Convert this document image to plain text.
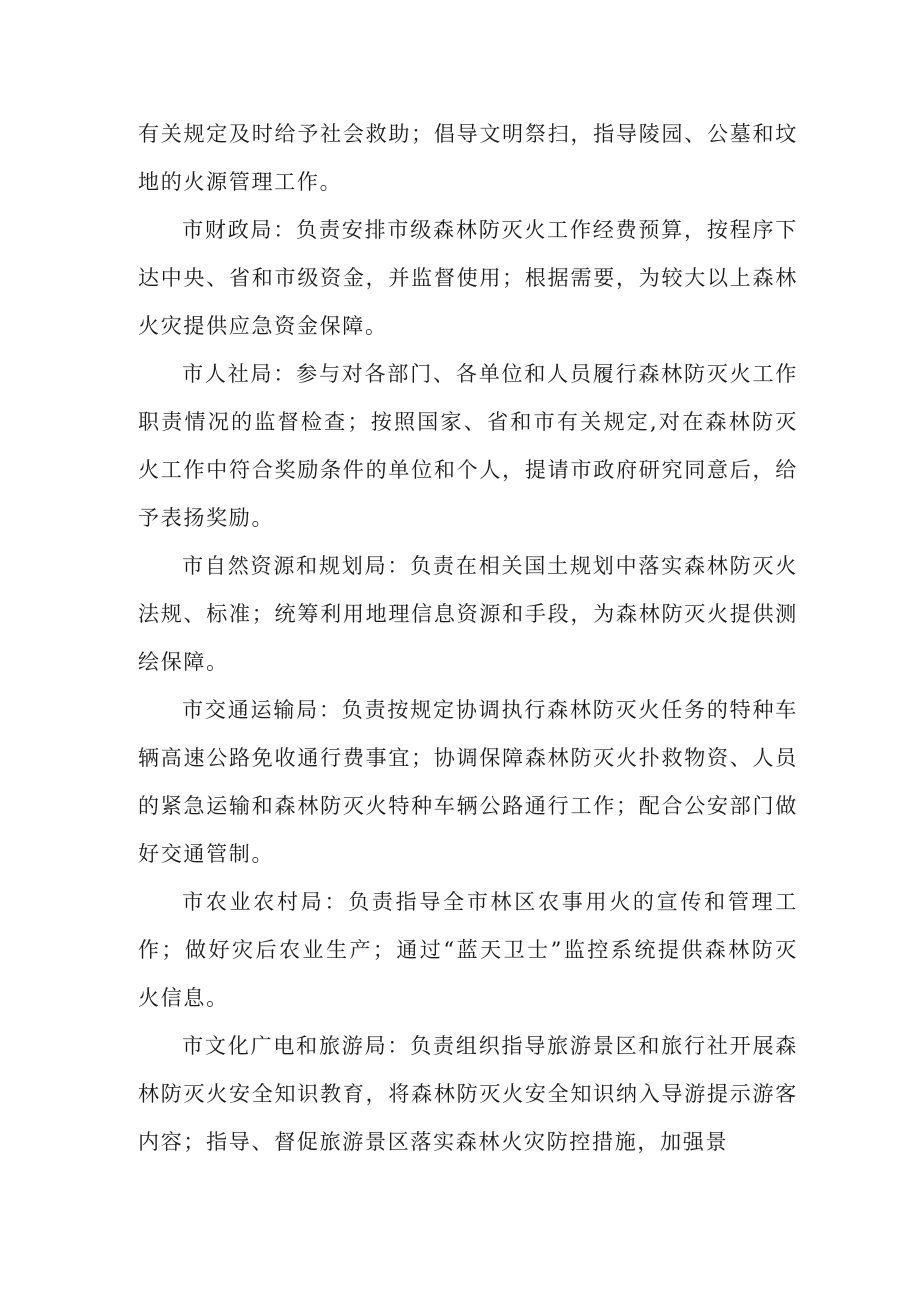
有关规定及时给予社会救助；倡导文明祭扫，指导陵园、公墓和坟地的火源管理工作。

市财政局：负责安排市级森林防灭火工作经费预算，按程序下达中央、省和市级资金，并监督使用；根据需要，为较大以上森林火灾提供应急资金保障。

市人社局：参与对各部门、各单位和人员履行森林防灭火工作职责情况的监督检查；按照国家、省和市有关规定,对在森林防灭火工作中符合奖励条件的单位和个人，提请市政府研究同意后，给予表扬奖励。

市自然资源和规划局：负责在相关国土规划中落实森林防灭火法规、标准；统筹利用地理信息资源和手段，为森林防灭火提供测绘保障。

市交通运输局：负责按规定协调执行森林防灭火任务的特种车辆高速公路免收通行费事宜；协调保障森林防灭火扑救物资、人员的紧急运输和森林防灭火特种车辆公路通行工作；配合公安部门做好交通管制。

市农业农村局：负责指导全市林区农事用火的宣传和管理工作；做好灾后农业生产；通过“蓝天卫士”监控系统提供森林防灭火信息。

市文化广电和旅游局：负责组织指导旅游景区和旅行社开展森林防灭火安全知识教育，将森林防灭火安全知识纳入导游提示游客内容；指导、督促旅游景区落实森林火灾防控措施，加强景
